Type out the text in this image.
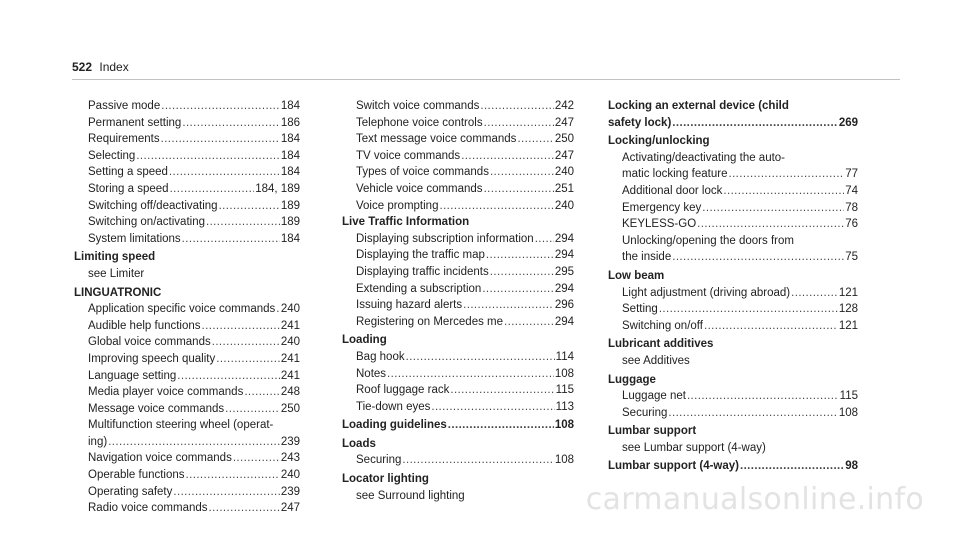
522 Index
Passive mode .....	184
Permanent setting .....	186
Requirements .....	184
Selecting .....	184
Setting a speed .....	184
Storing a speed .....	184, 189
Switching off/deactivating .....	189
Switching on/activating .....	189
System limitations .....	184
Limiting speed
see Limiter
LINGUATRONIC
Application specific voice commands ..... 240
Audible help functions .....	241
Global voice commands .....	240
Improving speech quality .....	241
Language setting .....	241
Media player voice commands .....	248
Message voice commands .....	250
Multifunction steering wheel (operat-
ing) .....	239
Navigation voice commands .....	243
Operable functions .....	240
Operating safety .....	239
Radio voice commands .....	247
Switch voice commands .....	242
Telephone voice controls .....	247
Text message voice commands .....	250
TV voice commands .....	247
Types of voice commands .....	240
Vehicle voice commands .....	251
Voice prompting .....	240
Live Traffic Information
Displaying subscription information ..... 294
Displaying the traffic map .....	294
Displaying traffic incidents .....	295
Extending a subscription .....	294
Issuing hazard alerts .....	296
Registering on Mercedes me .....	294
Loading
Bag hook .....	114
Notes .....	108
Roof luggage rack .....	115
Tie-down eyes .....	113
Loading guidelines .....	108
Loads
Securing .....	108
Locator lighting
see Surround lighting
Locking an external device (child
safety lock) .....	269
Locking/unlocking
Activating/deactivating the auto-
matic locking feature .....	77
Additional door lock .....	74
Emergency key .....	78
KEYLESS-GO .....	76
Unlocking/opening the doors from
the inside .....	75
Low beam
Light adjustment (driving abroad) .....	121
Setting .....	128
Switching on/off .....	121
Lubricant additives
see Additives
Luggage
Luggage net .....	115
Securing .....	108
Lumbar support
see Lumbar support (4-way)
Lumbar support (4-way) .....	98
carmanualsonline.info
